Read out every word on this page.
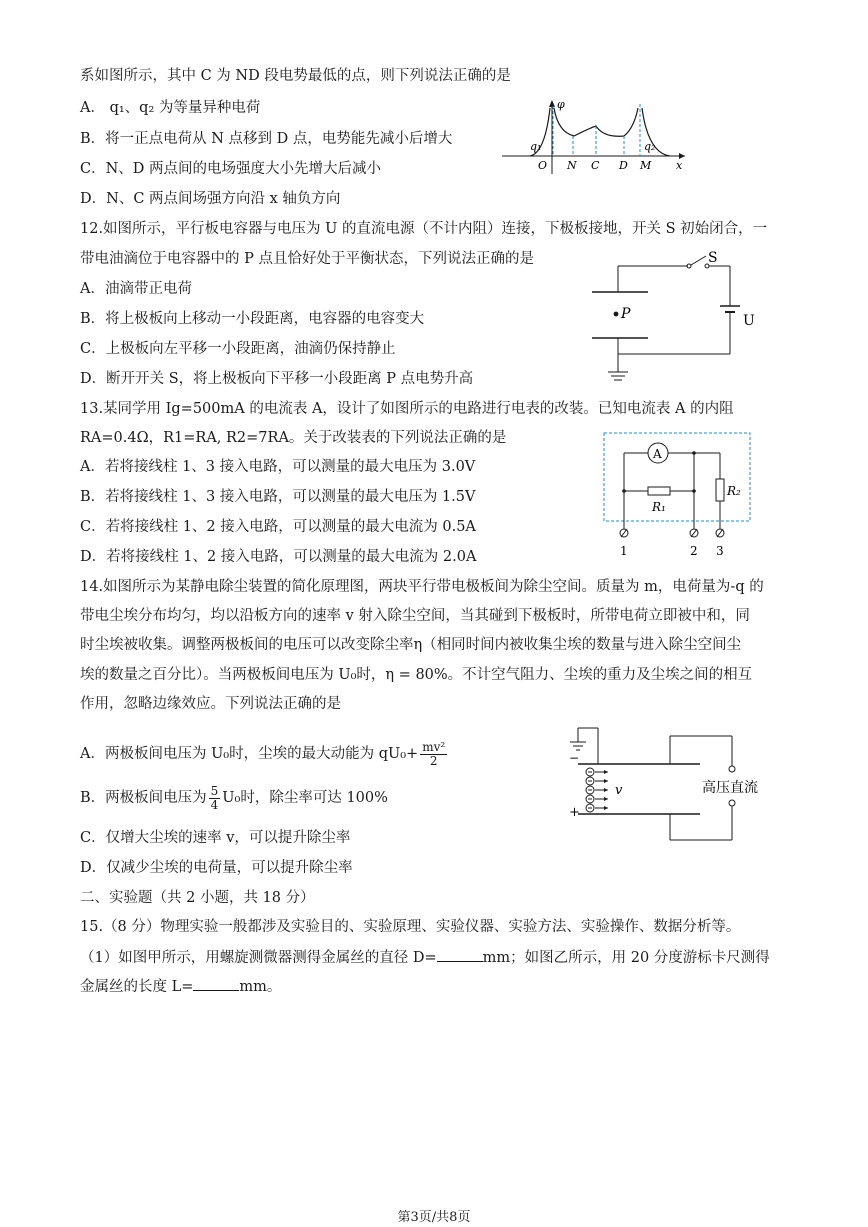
系如图所示，其中 C 为 ND 段电势最低的点，则下列说法正确的是
A． q₁、q₂ 为等量异种电荷
B．将一正点电荷从 N 点移到 D 点，电势能先减小后增大
C．N、D 两点间的电场强度大小先增大后减小
D．N、C 两点间场强方向沿 x 轴负方向
φ
q₁	q₂
O N C D M x
12.如图所示，平行板电容器与电压为 U 的直流电源（不计内阻）连接，下极板接地，开关 S 初始闭合，一
带电油滴位于电容器中的 P 点且恰好处于平衡状态，下列说法正确的是
A．油滴带正电荷
B．将上极板向上移动一小段距离，电容器的电容变大
C．上极板向左平移一小段距离，油滴仍保持静止
D．断开开关 S，将上极板向下平移一小段距离 P 点电势升高
P
S
U
13.某同学用 Ig=500mA 的电流表 A，设计了如图所示的电路进行电表的改装。已知电流表 A 的内阻
RA=0.4Ω，R1=RA, R2=7RA。关于改装表的下列说法正确的是
A．若将接线柱 1、3 接入电路，可以测量的最大电压为 3.0V
B．若将接线柱 1、3 接入电路，可以测量的最大电压为 1.5V
C．若将接线柱 1、2 接入电路，可以测量的最大电流为 0.5A
D．若将接线柱 1、2 接入电路，可以测量的最大电流为 2.0A
A
R₁
R₂
1	2 3
14.如图所示为某静电除尘装置的简化原理图，两块平行带电极板间为除尘空间。质量为 m，电荷量为-q 的
带电尘埃分布均匀，均以沿板方向的速率 v 射入除尘空间，当其碰到下极板时，所带电荷立即被中和，同
时尘埃被收集。调整两极板间的电压可以改变除尘率η（相同时间内被收集尘埃的数量与进入除尘空间尘
埃的数量之百分比）。当两极板间电压为 U₀时，η = 80%。不计空气阻力、尘埃的重力及尘埃之间的相互
作用，忽略边缘效应。下列说法正确的是
A．两极板间电压为 U₀时，尘埃的最大动能为 $qU_0+ \frac{\text{mv²}}{2}$
B．两极板间电压为 $\frac{5}{4} U_0$时，除尘率可达 100%
C．仅增大尘埃的速率 v，可以提升除尘率
D．仅减少尘埃的电荷量，可以提升除尘率
−
+
v	高压直流
二、实验题（共 2 小题，共 18 分）
15.（8 分）物理实验一般都涉及实验目的、实验原理、实验仪器、实验方法、实验操作、数据分析等。
（1）如图甲所示，用螺旋测微器测得金属丝的直径 D=	mm；如图乙所示，用 20 分度游标卡尺测得
金属丝的长度 L=	mm。
第3页/共8页
